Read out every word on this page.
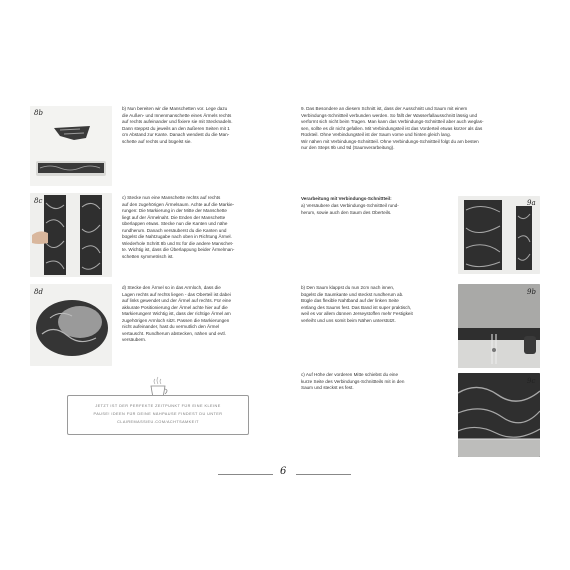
8b
8c
8d
b) Nun bereiten wir die Manschetten vor. Lege dazu
die Außen- und Innenmanschette eines Ärmels rechts
auf rechts aufeinander und fixiere sie mit Stecknadeln.
Dann steppst du jeweils an den äußeren Seiten mit 1
cm Abstand zur Kante. Danach wendest du die Man-
schette auf rechts und bügelst sie.
c) Stecke nun eine Manschette rechts auf rechts
auf den zugehörigen Ärmelsaum. Achte auf die Markie-
rungen: Die Markierung in der Mitte der Manschette
liegt auf der Ärmelnaht. Die Enden der Manschette
überlappen etwas. Stecke nun die Kanten und nähe
rundherum. Danach versäuberst du die Kanten und
bügelst die Nahtzugabe nach oben in Richtung Ärmel.
Wiederhole Schritt 8b und 8c für die andere Manschet-
te. Wichtig ist, dass die Überlappung beider Ärmelman-
schetten symmetrisch ist.
d) Stecke den Ärmel so in das Armloch, dass die
Lagen rechts auf rechts liegen - das Oberteil ist dabei
auf links gewendet und der Ärmel auf rechts. Für eine
akkurate Positionierung der Ärmel achte hier auf die
Markierungen! Wichtig ist, dass der richtige Ärmel am
zugehörigen Armloch sitzt. Passen die Markierungen
nicht aufeinander, hast du vermutlich den Ärmel
vertauscht. Rundherum abstecken, nähen und evtl.
versäubern.
JETZT IST DER PERFEKTE ZEITPUNKT FÜR EINE KLEINE
PAUSE! IDEEN FÜR DEINE NÄHPAUSE FINDEST DU UNTER
CLAIREMASSIEU.COM/ACHTSAMKEIT
9. Das Besondere an diesem Schnitt ist, dass der Ausschnitt und Saum mit einem
Verbindungs-Schnittteil verbunden werden. So fällt der Wasserfallausschnitt lässig und
verformt sich nicht beim Tragen. Man kann das Verbindungs-Schnittteil aber auch weglas-
sen, sollte es dir nicht gefallen. Mit Verbindungsteil ist das Vorderteil etwas kürzer als das
Rückteil. Ohne Verbindungsteil ist der Saum vorne und hinten gleich lang.
Wir nähen mit Verbindungs-Schnittteil. Ohne Verbindungs-Schnittteil folgt du am besten
nur den Steps 9b und 9d (Saumverarbeitung).
Verarbeitung mit Verbindungs-Schnittteil:
a) Versäubere das Verbindungs-Schnittteil rund-
herum, sowie auch den Saum des Oberteils.
b) Den Saum klappst du nun 2cm nach innen,
bügelst die Saumkante und steckst rundherum ab.
Bügle das flexible Nahtband auf der linken Seite
entlang des Saums fest. Das Band ist super praktisch,
weil es vor allem dünnen Jerseystoffen mehr Festigkeit
verleiht und uns somit beim Nähen unterstützt.
c) Auf Höhe der vorderen Mitte schiebst du eine
kurze Seite des Verbindungs-Schnittteils mit in den
Saum und steckst es fest.
9a
9b
9c
6
